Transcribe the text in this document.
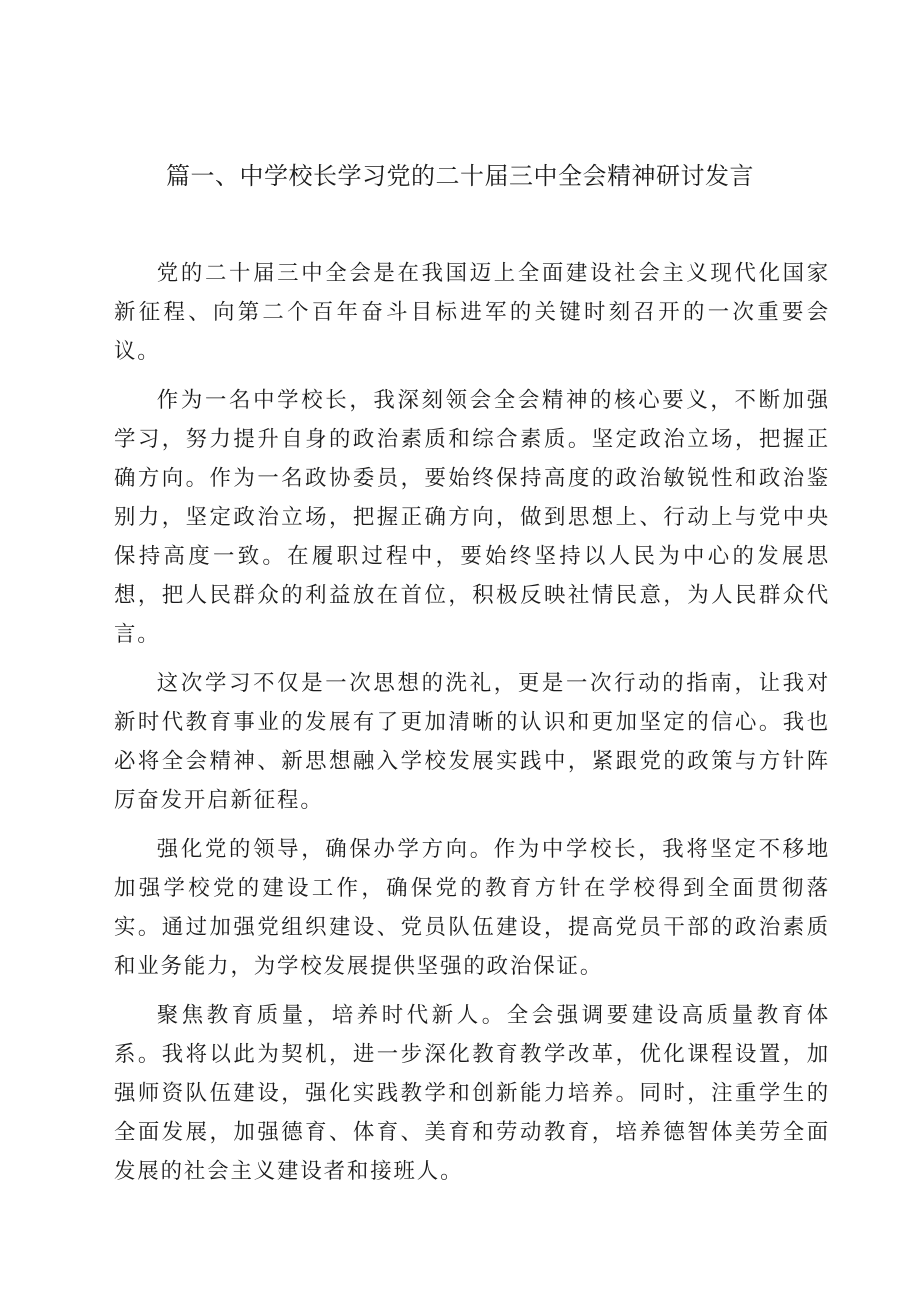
篇一、中学校长学习党的二十届三中全会精神研讨发言

党的二十届三中全会是在我国迈上全面建设社会主义现代化国家新征程、向第二个百年奋斗目标进军的关键时刻召开的一次重要会议。

作为一名中学校长，我深刻领会全会精神的核心要义，不断加强学习，努力提升自身的政治素质和综合素质。坚定政治立场，把握正确方向。作为一名政协委员，要始终保持高度的政治敏锐性和政治鉴别力，坚定政治立场，把握正确方向，做到思想上、行动上与党中央保持高度一致。在履职过程中，要始终坚持以人民为中心的发展思想，把人民群众的利益放在首位，积极反映社情民意，为人民群众代言。

这次学习不仅是一次思想的洗礼，更是一次行动的指南，让我对新时代教育事业的发展有了更加清晰的认识和更加坚定的信心。我也必将全会精神、新思想融入学校发展实践中，紧跟党的政策与方针阵厉奋发开启新征程。

强化党的领导，确保办学方向。作为中学校长，我将坚定不移地加强学校党的建设工作，确保党的教育方针在学校得到全面贯彻落实。通过加强党组织建设、党员队伍建设，提高党员干部的政治素质和业务能力，为学校发展提供坚强的政治保证。

聚焦教育质量，培养时代新人。全会强调要建设高质量教育体系。我将以此为契机，进一步深化教育教学改革，优化课程设置，加强师资队伍建设，强化实践教学和创新能力培养。同时，注重学生的全面发展，加强德育、体育、美育和劳动教育，培养德智体美劳全面发展的社会主义建设者和接班人。
